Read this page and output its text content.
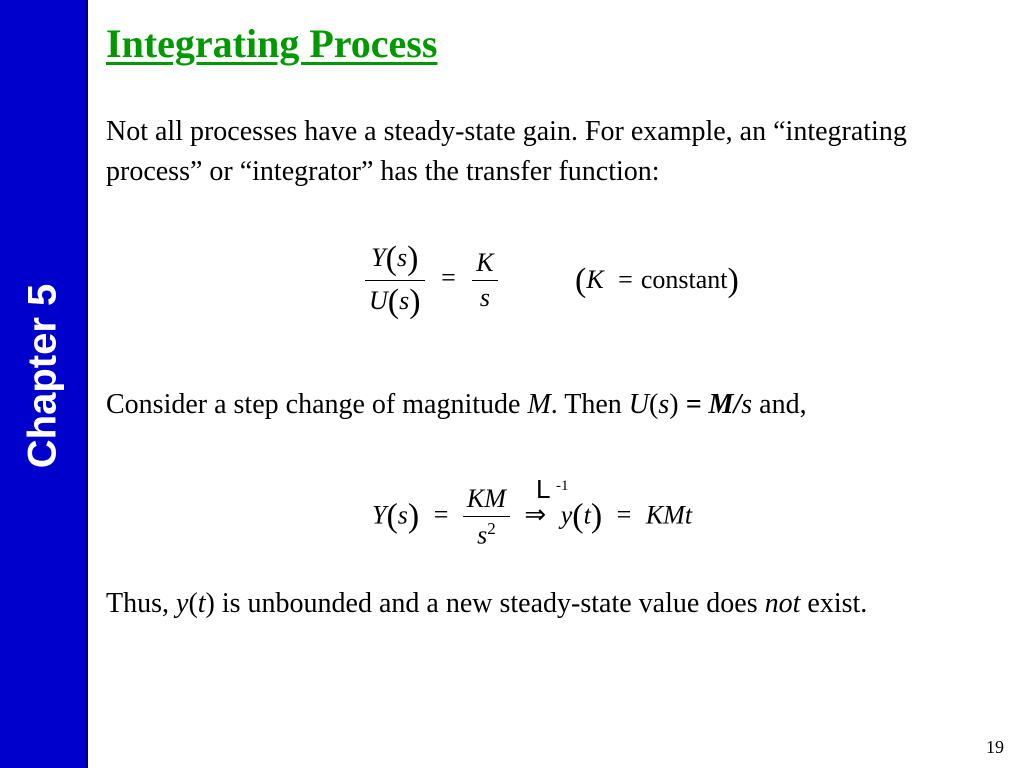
Chapter 5
Integrating Process

Not all processes have a steady-state gain. For example, an “integrating process” or “integrator” has the transfer function:

$\frac{Y(s)}{U(s)} = \frac{K}{s} (K$ = constant)

Consider a step change of magnitude M. Then U(s) = M/s and,

$Y(s) = \frac{KM}{s^2}$ ⇒ y(t) = KMt
L -1

Thus, y(t) is unbounded and a new steady-state value does not exist.

19
